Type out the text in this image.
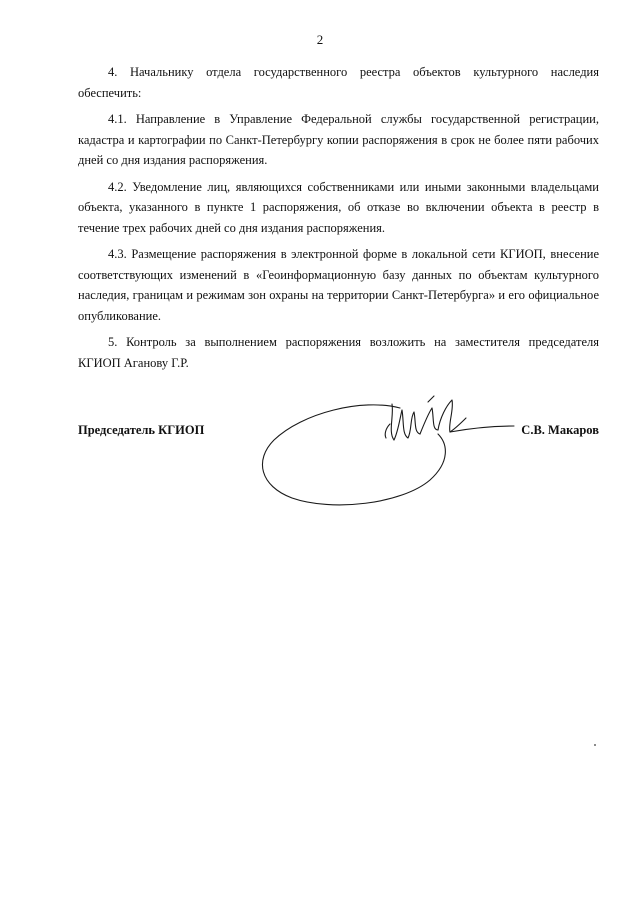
2

4. Начальнику отдела государственного реестра объектов культурного наследия обеспечить:

4.1. Направление в Управление Федеральной службы государственной регистрации, кадастра и картографии по Санкт-Петербургу копии распоряжения в срок не более пяти рабочих дней со дня издания распоряжения.

4.2. Уведомление лиц, являющихся собственниками или иными законными владельцами объекта, указанного в пункте 1 распоряжения, об отказе во включении объекта в реестр в течение трех рабочих дней со дня издания распоряжения.

4.3. Размещение распоряжения в электронной форме в локальной сети КГИОП, внесение соответствующих изменений в «Геоинформационную базу данных по объектам культурного наследия, границам и режимам зон охраны на территории Санкт-Петербурга» и его официальное опубликование.

5. Контроль за выполнением распоряжения возложить на заместителя председателя КГИОП Аганову Г.Р.

Председатель КГИОП	С.В. Макаров
